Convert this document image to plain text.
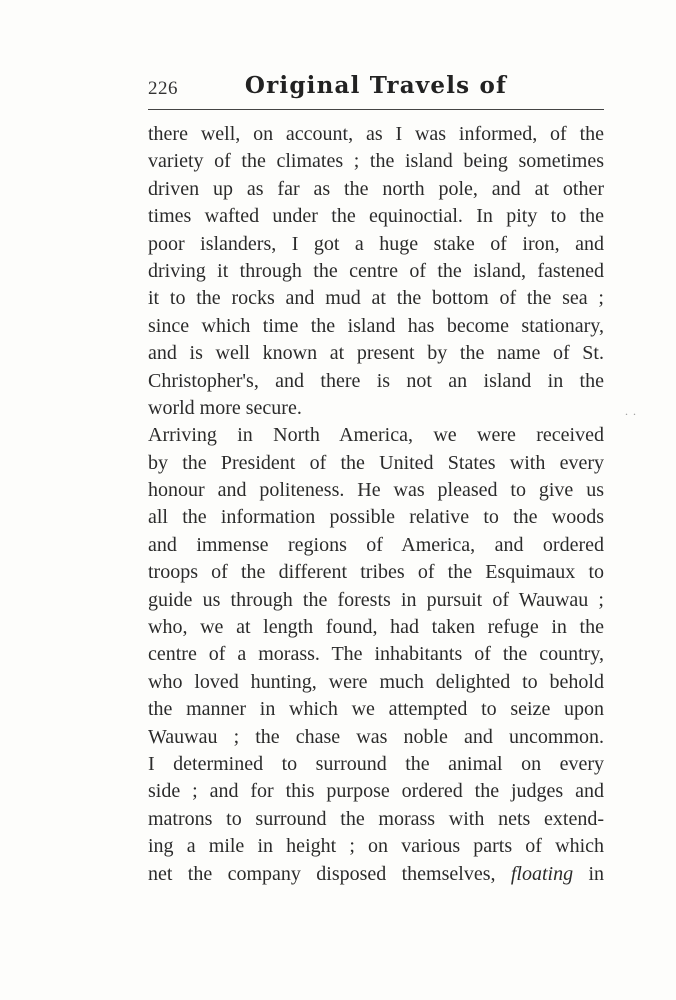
226	Original Travels of
. .
there well, on account, as I was informed, of the
variety of the climates ; the island being sometimes
driven up as far as the north pole, and at other
times wafted under the equinoctial. In pity to the
poor islanders, I got a huge stake of iron, and
driving it through the centre of the island, fastened
it to the rocks and mud at the bottom of the sea ;
since which time the island has become stationary,
and is well known at present by the name of St.
Christopher's, and there is not an island in the
world more secure.
Arriving in North America, we were received
by the President of the United States with every
honour and politeness. He was pleased to give us
all the information possible relative to the woods
and immense regions of America, and ordered
troops of the different tribes of the Esquimaux to
guide us through the forests in pursuit of Wauwau ;
who, we at length found, had taken refuge in the
centre of a morass. The inhabitants of the country,
who loved hunting, were much delighted to behold
the manner in which we attempted to seize upon
Wauwau ; the chase was noble and uncommon.
I determined to surround the animal on every
side ; and for this purpose ordered the judges and
matrons to surround the morass with nets extend-
ing a mile in height ; on various parts of which
net the company disposed themselves, floating in
